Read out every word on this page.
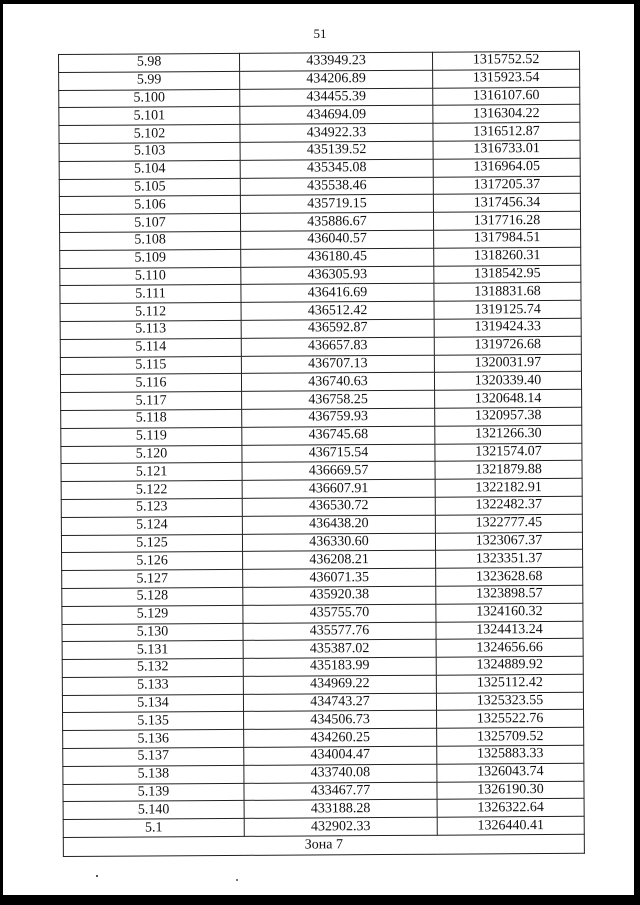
51
5.98	433949.23	1315752.52
5.99	434206.89	1315923.54
5.100	434455.39	1316107.60
5.101	434694.09	1316304.22
5.102	434922.33	1316512.87
5.103	435139.52	1316733.01
5.104	435345.08	1316964.05
5.105	435538.46	1317205.37
5.106	435719.15	1317456.34
5.107	435886.67	1317716.28
5.108	436040.57	1317984.51
5.109	436180.45	1318260.31
5.110	436305.93	1318542.95
5.111	436416.69	1318831.68
5.112	436512.42	1319125.74
5.113	436592.87	1319424.33
5.114	436657.83	1319726.68
5.115	436707.13	1320031.97
5.116	436740.63	1320339.40
5.117	436758.25	1320648.14
5.118	436759.93	1320957.38
5.119	436745.68	1321266.30
5.120	436715.54	1321574.07
5.121	436669.57	1321879.88
5.122	436607.91	1322182.91
5.123	436530.72	1322482.37
5.124	436438.20	1322777.45
5.125	436330.60	1323067.37
5.126	436208.21	1323351.37
5.127	436071.35	1323628.68
5.128	435920.38	1323898.57
5.129	435755.70	1324160.32
5.130	435577.76	1324413.24
5.131	435387.02	1324656.66
5.132	435183.99	1324889.92
5.133	434969.22	1325112.42
5.134	434743.27	1325323.55
5.135	434506.73	1325522.76
5.136	434260.25	1325709.52
5.137	434004.47	1325883.33
5.138	433740.08	1326043.74
5.139	433467.77	1326190.30
5.140	433188.28	1326322.64
5.1	432902.33	1326440.41
Зона 7		
